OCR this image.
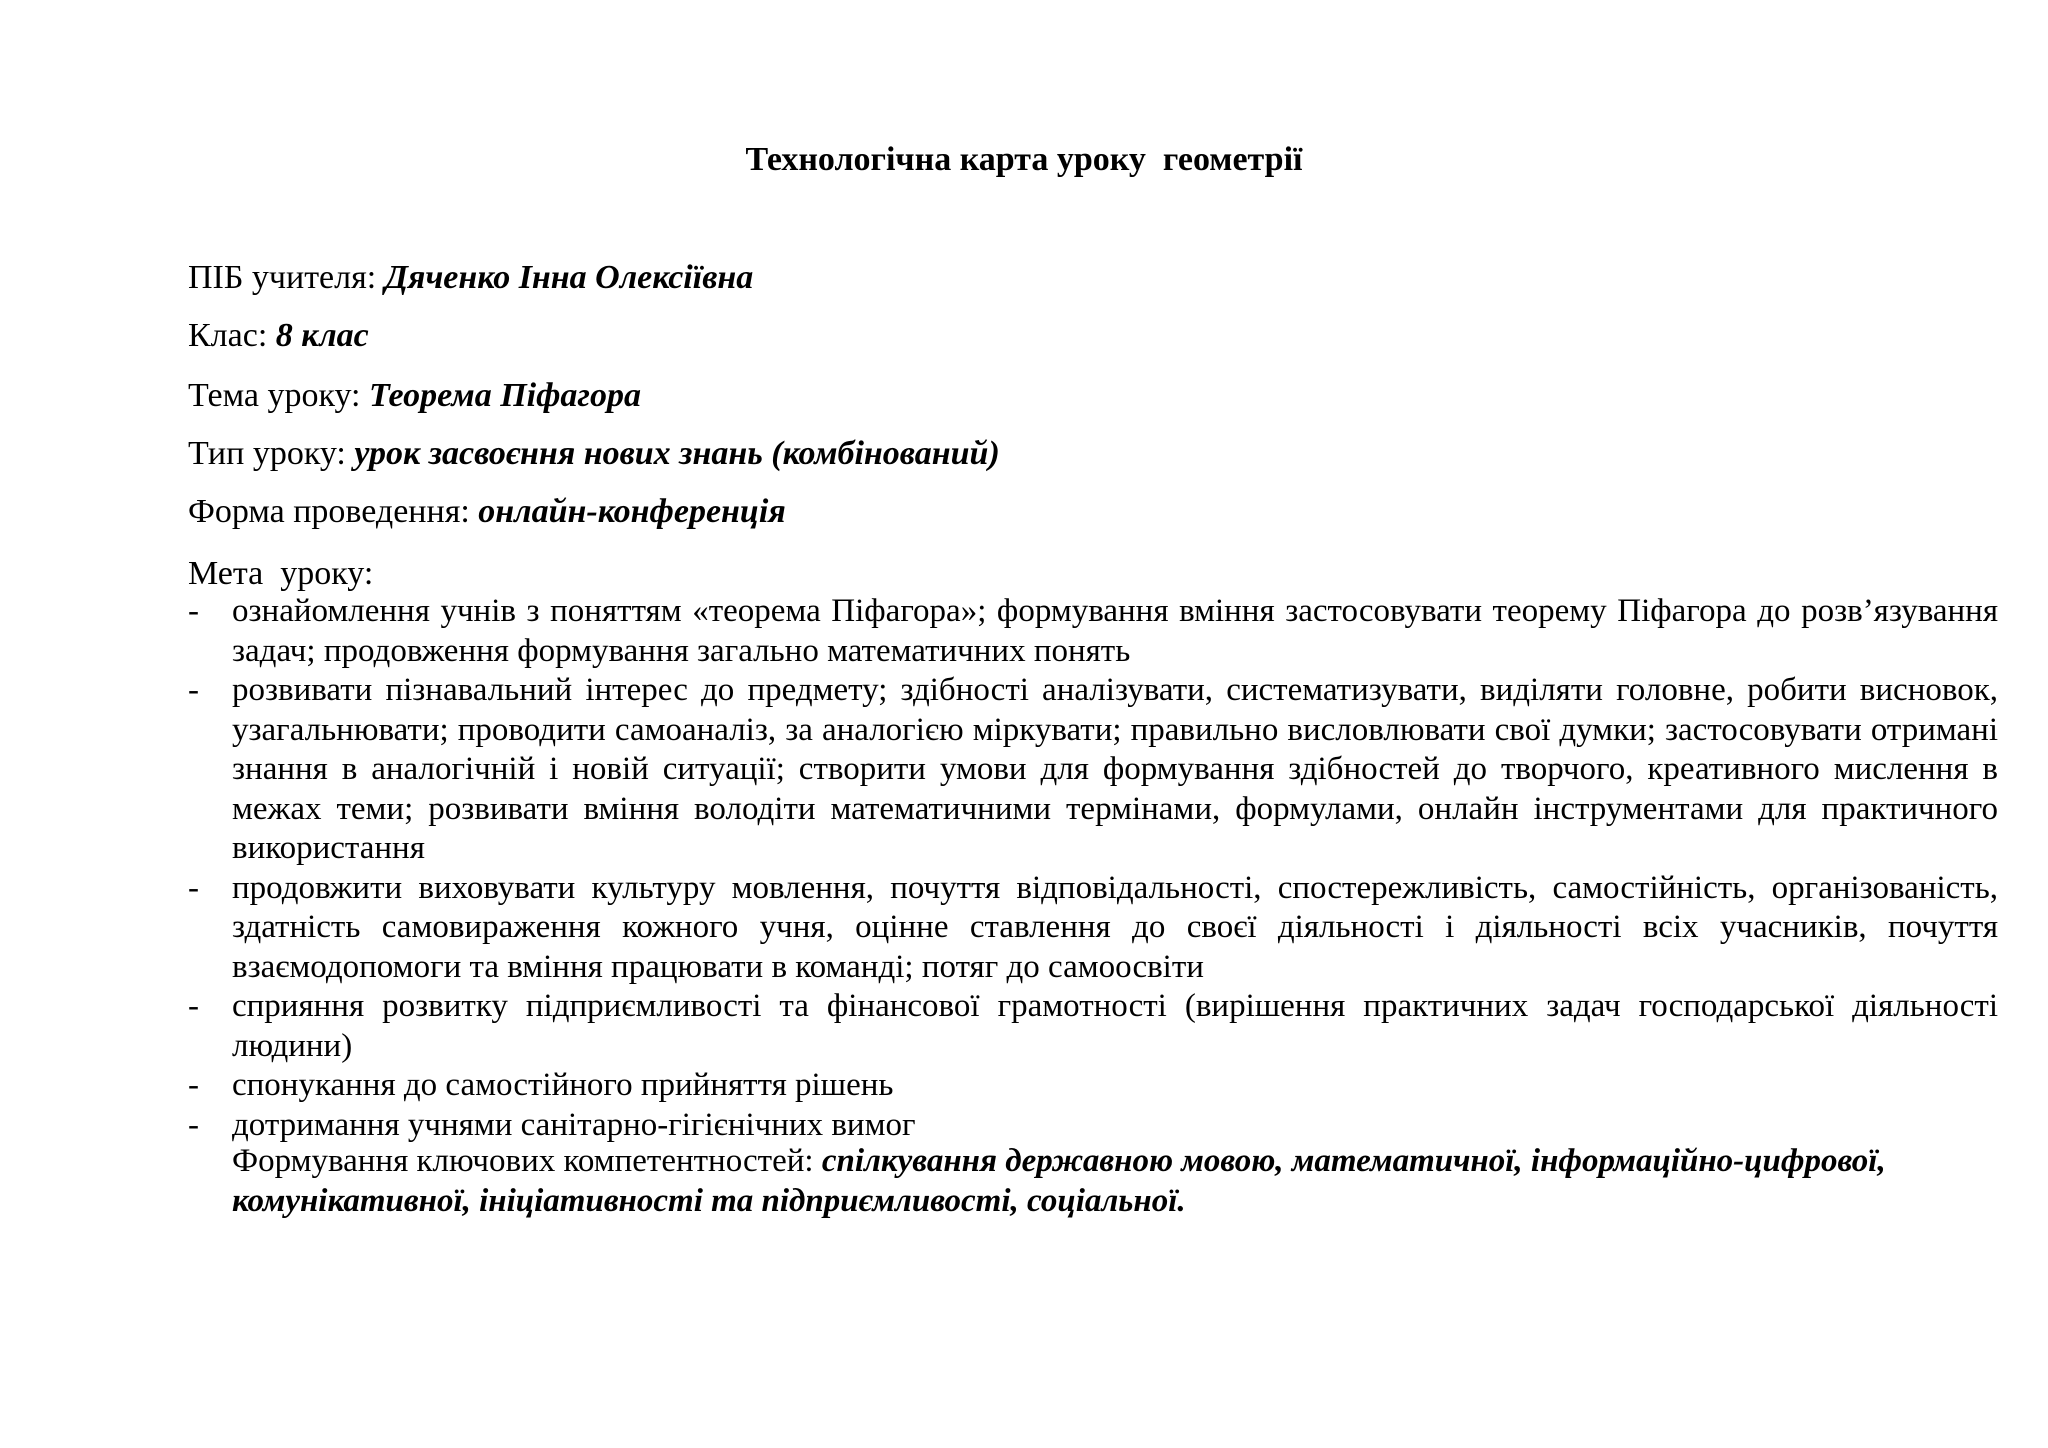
Технологічна карта уроку  геометрії

ПІБ учителя: Дяченко Інна Олексіївна

Клас: 8 клас

Тема уроку: Теорема Піфагора

Тип уроку: урок засвоєння нових знань (комбінований)

Форма проведення: онлайн-конференція

Мета  уроку:

- ознайомлення учнів з поняттям «теорема Піфагора»; формування вміння застосовувати теорему Піфагора до розв’язування задач; продовження формування загально математичних понять
- розвивати пізнавальний інтерес до предмету; здібності аналізувати, систематизувати, виділяти головне, робити висновок, узагальнювати; проводити самоаналіз, за аналогією міркувати; правильно висловлювати свої думки; застосовувати отримані знання в аналогічній і новій ситуації; створити умови для формування здібностей до творчого, креативного мислення в межах теми; розвивати вміння володіти математичними термінами, формулами, онлайн інструментами для практичного використання
- продовжити виховувати культуру мовлення, почуття відповідальності, спостережливість, самостійність, організованість, здатність самовираження кожного учня, оцінне ставлення до своєї діяльності і діяльності всіх учасників, почуття взаємодопомоги та вміння працювати в команді; потяг до самоосвіти
- сприяння розвитку підприємливості та фінансової грамотності (вирішення практичних задач господарської діяльності людини)
- спонукання до самостійного прийняття рішень
- дотримання учнями санітарно-гігієнічних вимог

Формування ключових компетентностей: спілкування державною мовою, математичної, інформаційно-цифрової, комунікативної, ініціативності та підприємливості, соціальної.
